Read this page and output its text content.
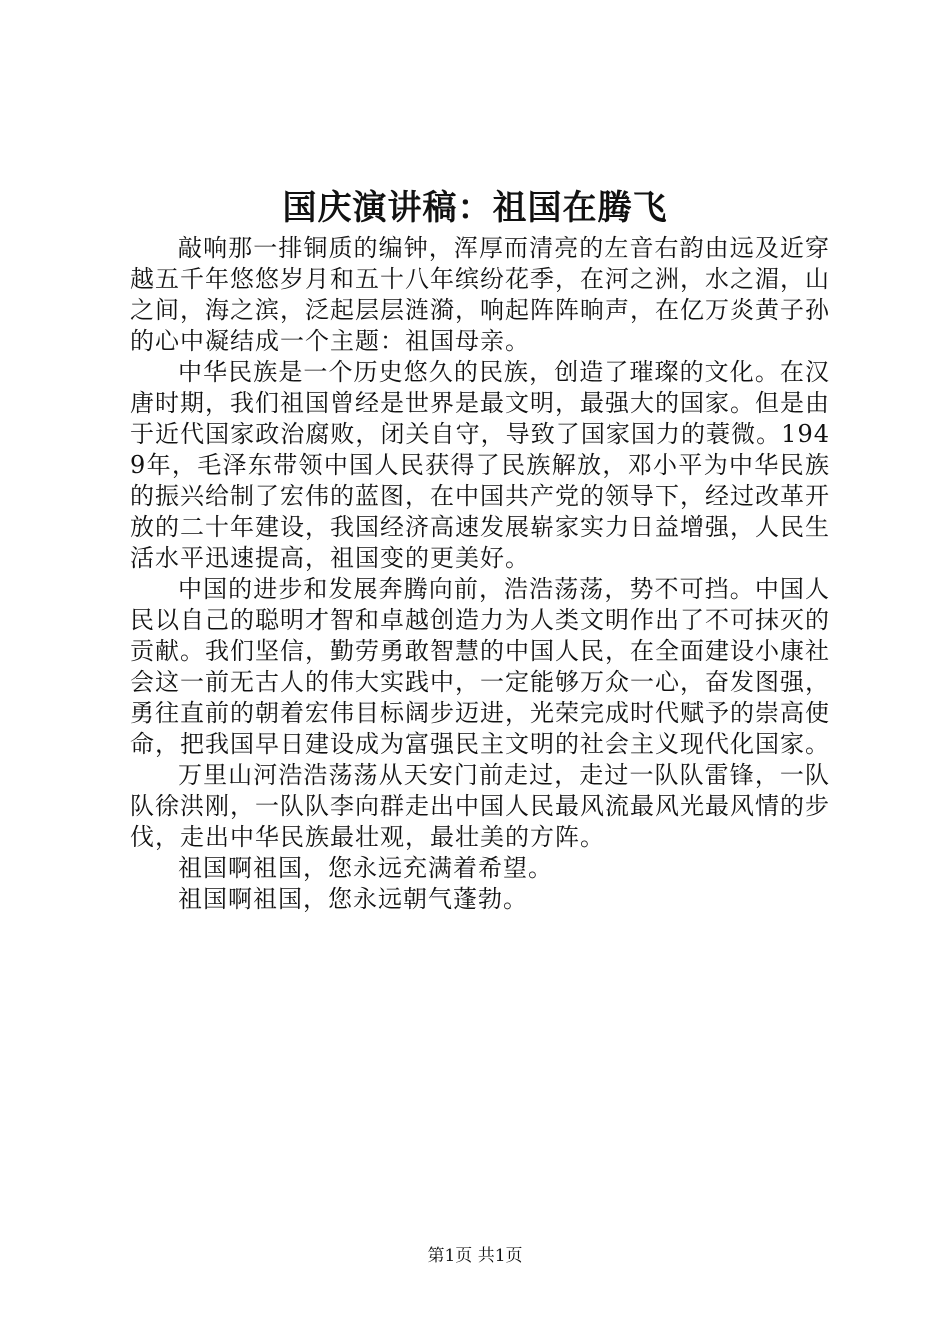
国庆演讲稿：祖国在腾飞

敲响那一排铜质的编钟，浑厚而清亮的左音右韵由远及近穿越五千年悠悠岁月和五十八年缤纷花季，在河之洲，水之湄，山之间，海之滨，泛起层层涟漪，响起阵阵晌声，在亿万炎黄子孙的心中凝结成一个主题：祖国母亲。

中华民族是一个历史悠久的民族，创造了璀璨的文化。在汉唐时期，我们祖国曾经是世界是最文明，最强大的国家。但是由于近代国家政治腐败，闭关自守，导致了国家国力的蓑微。1949年，毛泽东带领中国人民获得了民族解放，邓小平为中华民族的振兴给制了宏伟的蓝图，在中国共产党的领导下，经过改革开放的二十年建设，我国经济高速发展崭家实力日益增强，人民生活水平迅速提高，祖国变的更美好。

中国的进步和发展奔腾向前，浩浩荡荡，势不可挡。中国人民以自己的聪明才智和卓越创造力为人类文明作出了不可抹灭的贡献。我们坚信，勤劳勇敢智慧的中国人民，在全面建设小康社会这一前无古人的伟大实践中，一定能够万众一心，奋发图强，勇往直前的朝着宏伟目标阔步迈进，光荣完成时代赋予的崇高使命，把我国早日建设成为富强民主文明的社会主义现代化国家。

万里山河浩浩荡荡从天安门前走过，走过一队队雷锋，一队队徐洪刚，一队队李向群走出中国人民最风流最风光最风情的步伐，走出中华民族最壮观，最壮美的方阵。

祖国啊祖国，您永远充满着希望。

祖国啊祖国，您永远朝气蓬勃。

第1页 共1页
